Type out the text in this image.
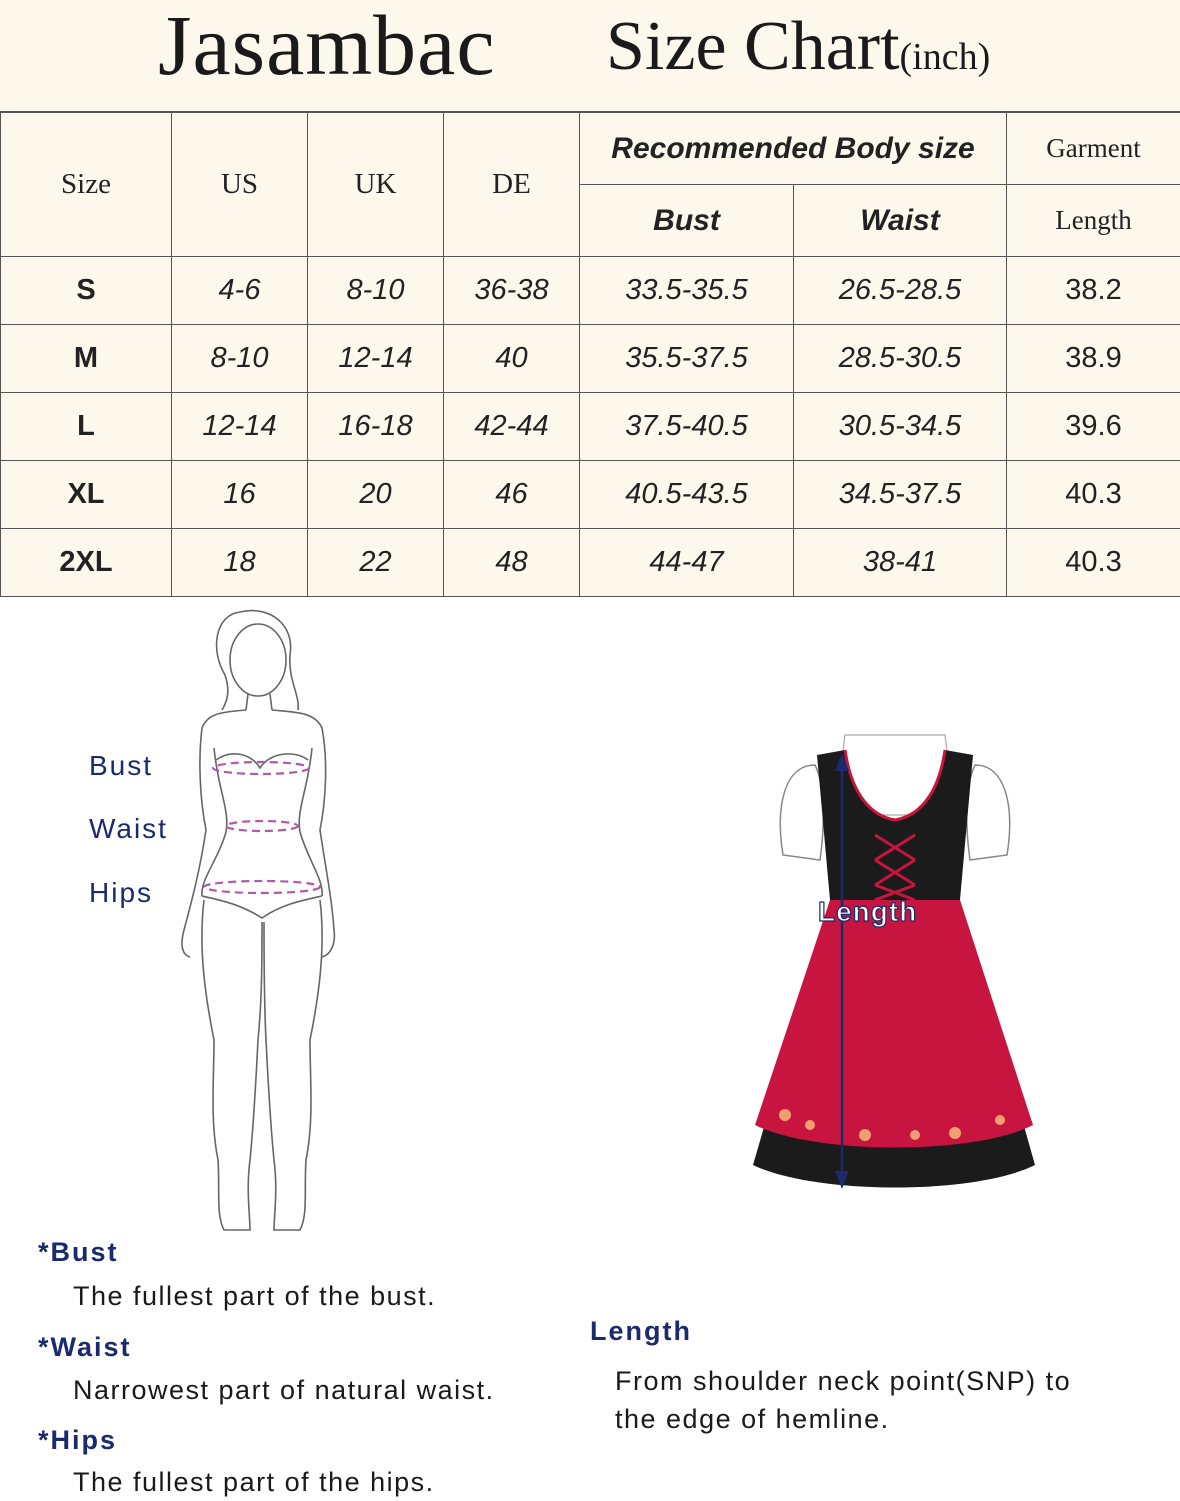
Jasambac Size Chart(inch)
Size	US	UK	DE	Recommended Body size		Garment
				Bust	Waist	Length
S	4-6	8-10	36-38	33.5-35.5	26.5-28.5	38.2
M	8-10	12-14	40	35.5-37.5	28.5-30.5	38.9
L	12-14	16-18	42-44	37.5-40.5	30.5-34.5	39.6
XL	16	20	46	40.5-43.5	34.5-37.5	40.3
2XL	18	22	48	44-47	38-41	40.3
Bust
Waist
Hips
Length
*Bust
The fullest part of the bust.
*Waist
Narrowest part of natural waist.
*Hips
The fullest part of the hips.
Length
From shoulder neck point(SNP) to
the edge of hemline.
